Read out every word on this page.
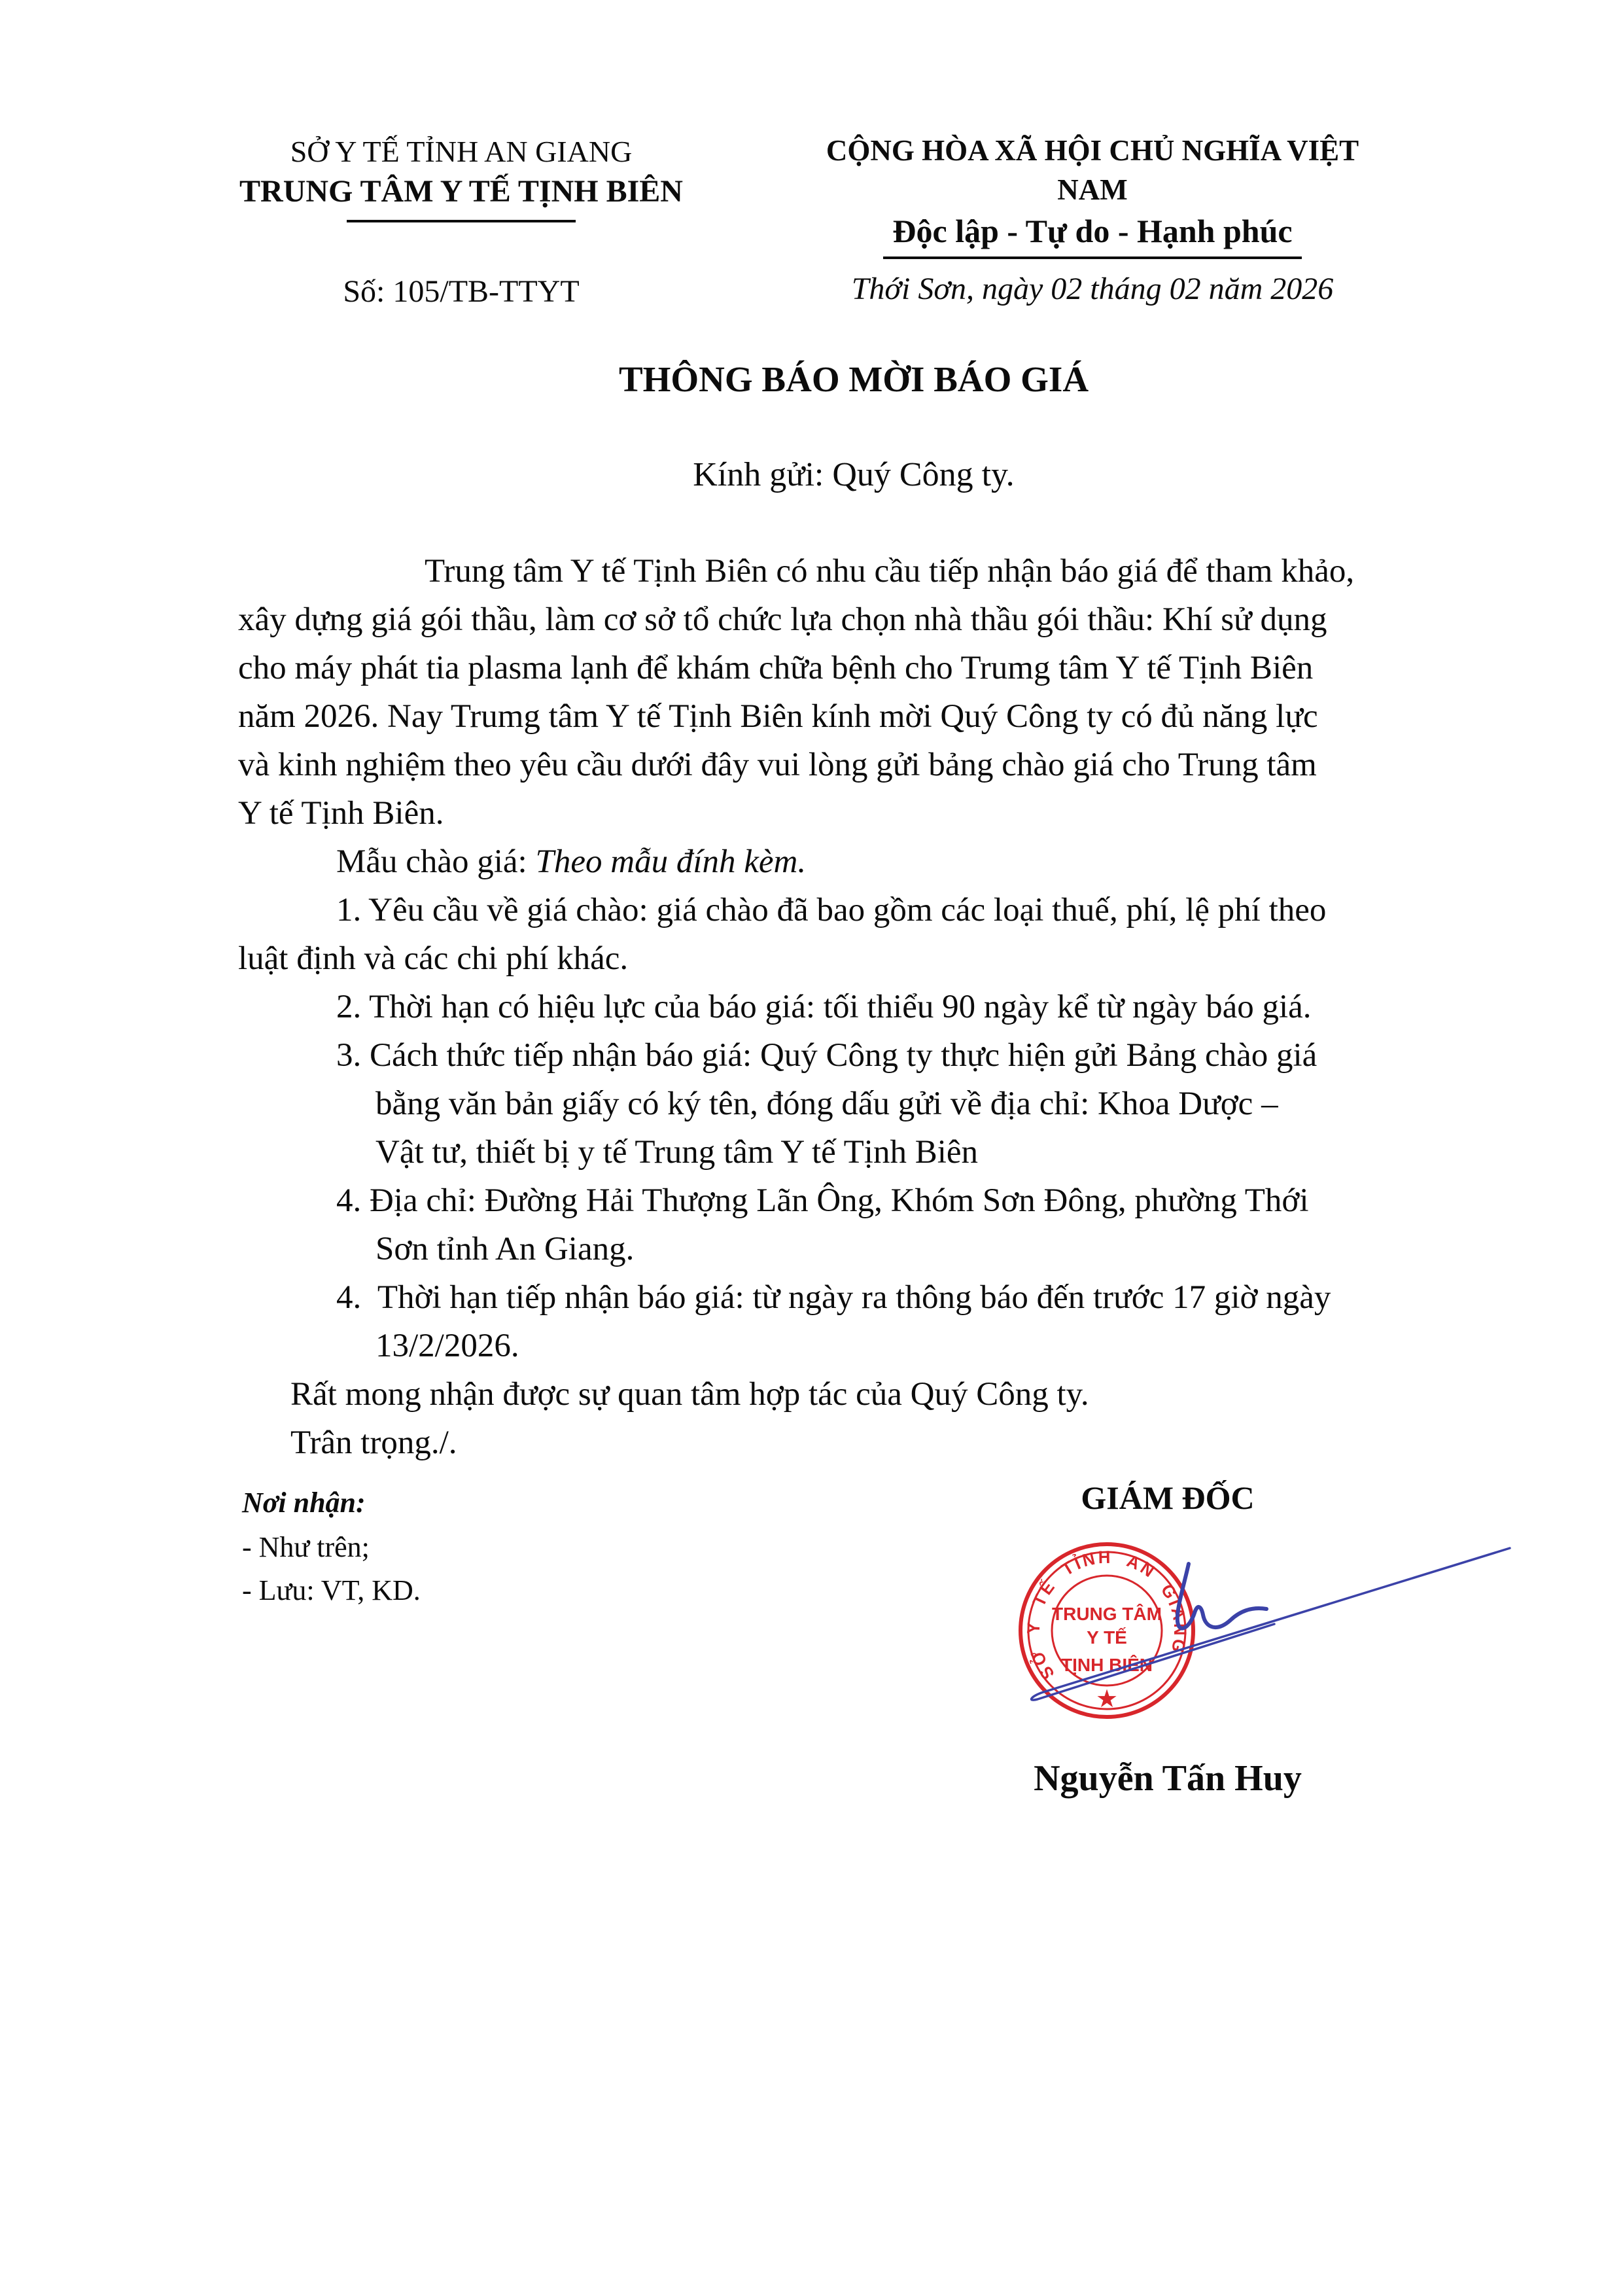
SỞ Y TẾ TỈNH AN GIANG
TRUNG TÂM Y TẾ TỊNH BIÊN
CỘNG HÒA XÃ HỘI CHỦ NGHĨA VIỆT NAM
Độc lập - Tự do - Hạnh phúc
Số: 105/TB-TTYT	Thới Sơn, ngày 02 tháng 02 năm 2026
THÔNG BÁO MỜI BÁO GIÁ
Kính gửi: Quý Công ty.
Trung tâm Y tế Tịnh Biên có nhu cầu tiếp nhận báo giá để tham khảo,
xây dựng giá gói thầu, làm cơ sở tổ chức lựa chọn nhà thầu gói thầu: Khí sử dụng
cho máy phát tia plasma lạnh để khám chữa bệnh cho Trumg tâm Y tế Tịnh Biên
năm 2026. Nay Trumg tâm Y tế Tịnh Biên kính mời Quý Công ty có đủ năng lực
và kinh nghiệm theo yêu cầu dưới đây vui lòng gửi bảng chào giá cho Trung tâm
Y tế Tịnh Biên.
Mẫu chào giá: Theo mẫu đính kèm.
1. Yêu cầu về giá chào: giá chào đã bao gồm các loại thuế, phí, lệ phí theo
luật định và các chi phí khác.
2. Thời hạn có hiệu lực của báo giá: tối thiểu 90 ngày kể từ ngày báo giá.
3. Cách thức tiếp nhận báo giá: Quý Công ty thực hiện gửi Bảng chào giá
bằng văn bản giấy có ký tên, đóng dấu gửi về địa chỉ: Khoa Dược –
Vật tư, thiết bị y tế Trung tâm Y tế Tịnh Biên
4. Địa chỉ: Đường Hải Thượng Lãn Ông, Khóm Sơn Đông, phường Thới
Sơn tỉnh An Giang.
4.  Thời hạn tiếp nhận báo giá: từ ngày ra thông báo đến trước 17 giờ ngày
13/2/2026.
Rất mong nhận được sự quan tâm hợp tác của Quý Công ty.
Trân trọng./.
Nơi nhận:
- Như trên;
- Lưu: VT, KD.
GIÁM ĐỐC
Nguyễn Tấn Huy
SỞ Y TẾ TỈNH AN GIANG
★
TRUNG TÂM
Y TẾ
TỊNH BIÊN
